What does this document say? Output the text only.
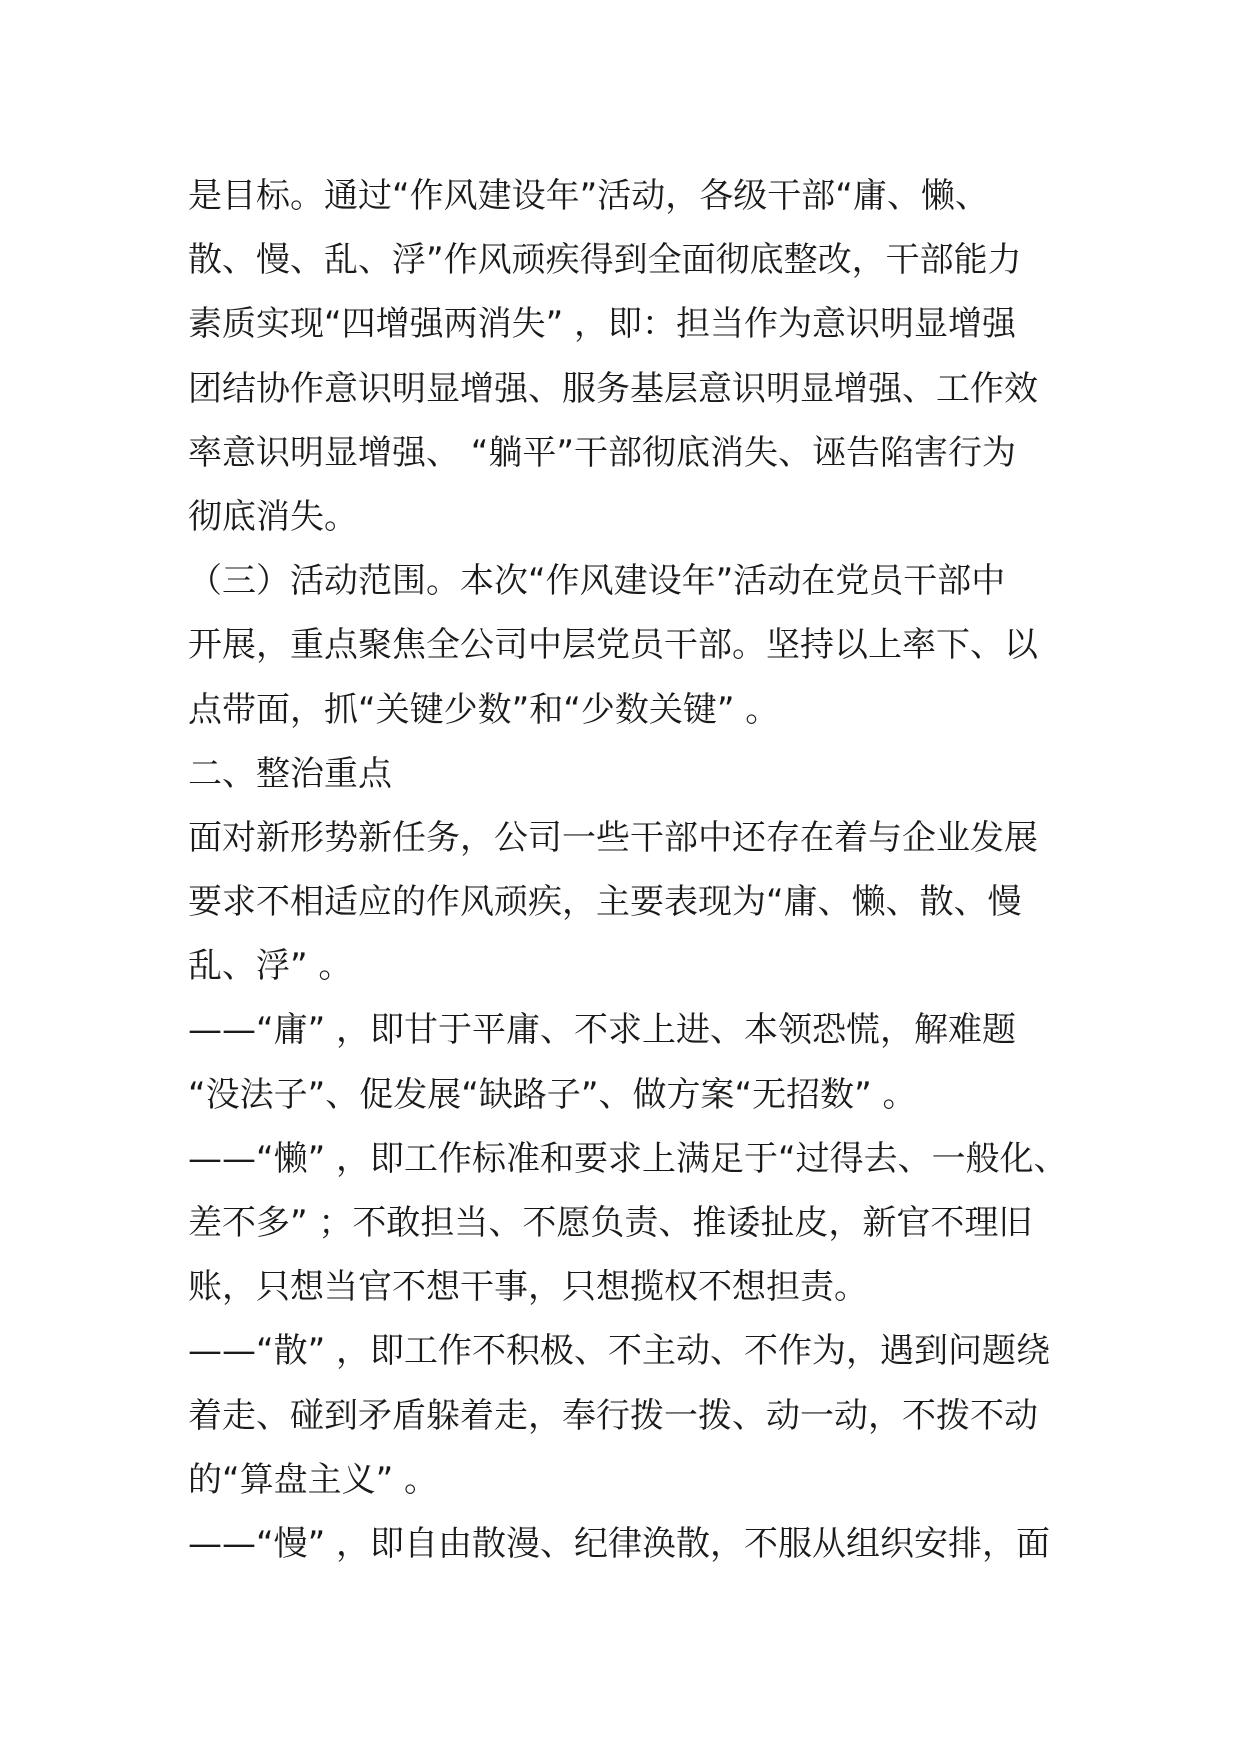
是目标。通过“作风建设年”活动，各级干部“庸、懒、
散、慢、乱、浮”作风顽疾得到全面彻底整改，干部能力
素质实现“四增强两消失” ，即：担当作为意识明显增强
团结协作意识明显增强、服务基层意识明显增强、工作效
率意识明显增强、 “躺平”干部彻底消失、诬告陷害行为
彻底消失。
（三）活动范围。本次“作风建设年”活动在党员干部中
开展，重点聚焦全公司中层党员干部。坚持以上率下、以
点带面，抓“关键少数”和“少数关键” 。
二、整治重点
面对新形势新任务，公司一些干部中还存在着与企业发展
要求不相适应的作风顽疾，主要表现为“庸、懒、散、慢
乱、浮” 。
——“庸” ，即甘于平庸、不求上进、本领恐慌，解难题
“没法子”、促发展“缺路子”、做方案“无招数” 。
——“懒” ，即工作标准和要求上满足于“过得去、一般化、
差不多” ；不敢担当、不愿负责、推诿扯皮，新官不理旧
账，只想当官不想干事，只想揽权不想担责。
——“散” ，即工作不积极、不主动、不作为，遇到问题绕
着走、碰到矛盾躲着走，奉行拨一拨、动一动，不拨不动
的“算盘主义” 。
——“慢” ，即自由散漫、纪律涣散，不服从组织安排，面
